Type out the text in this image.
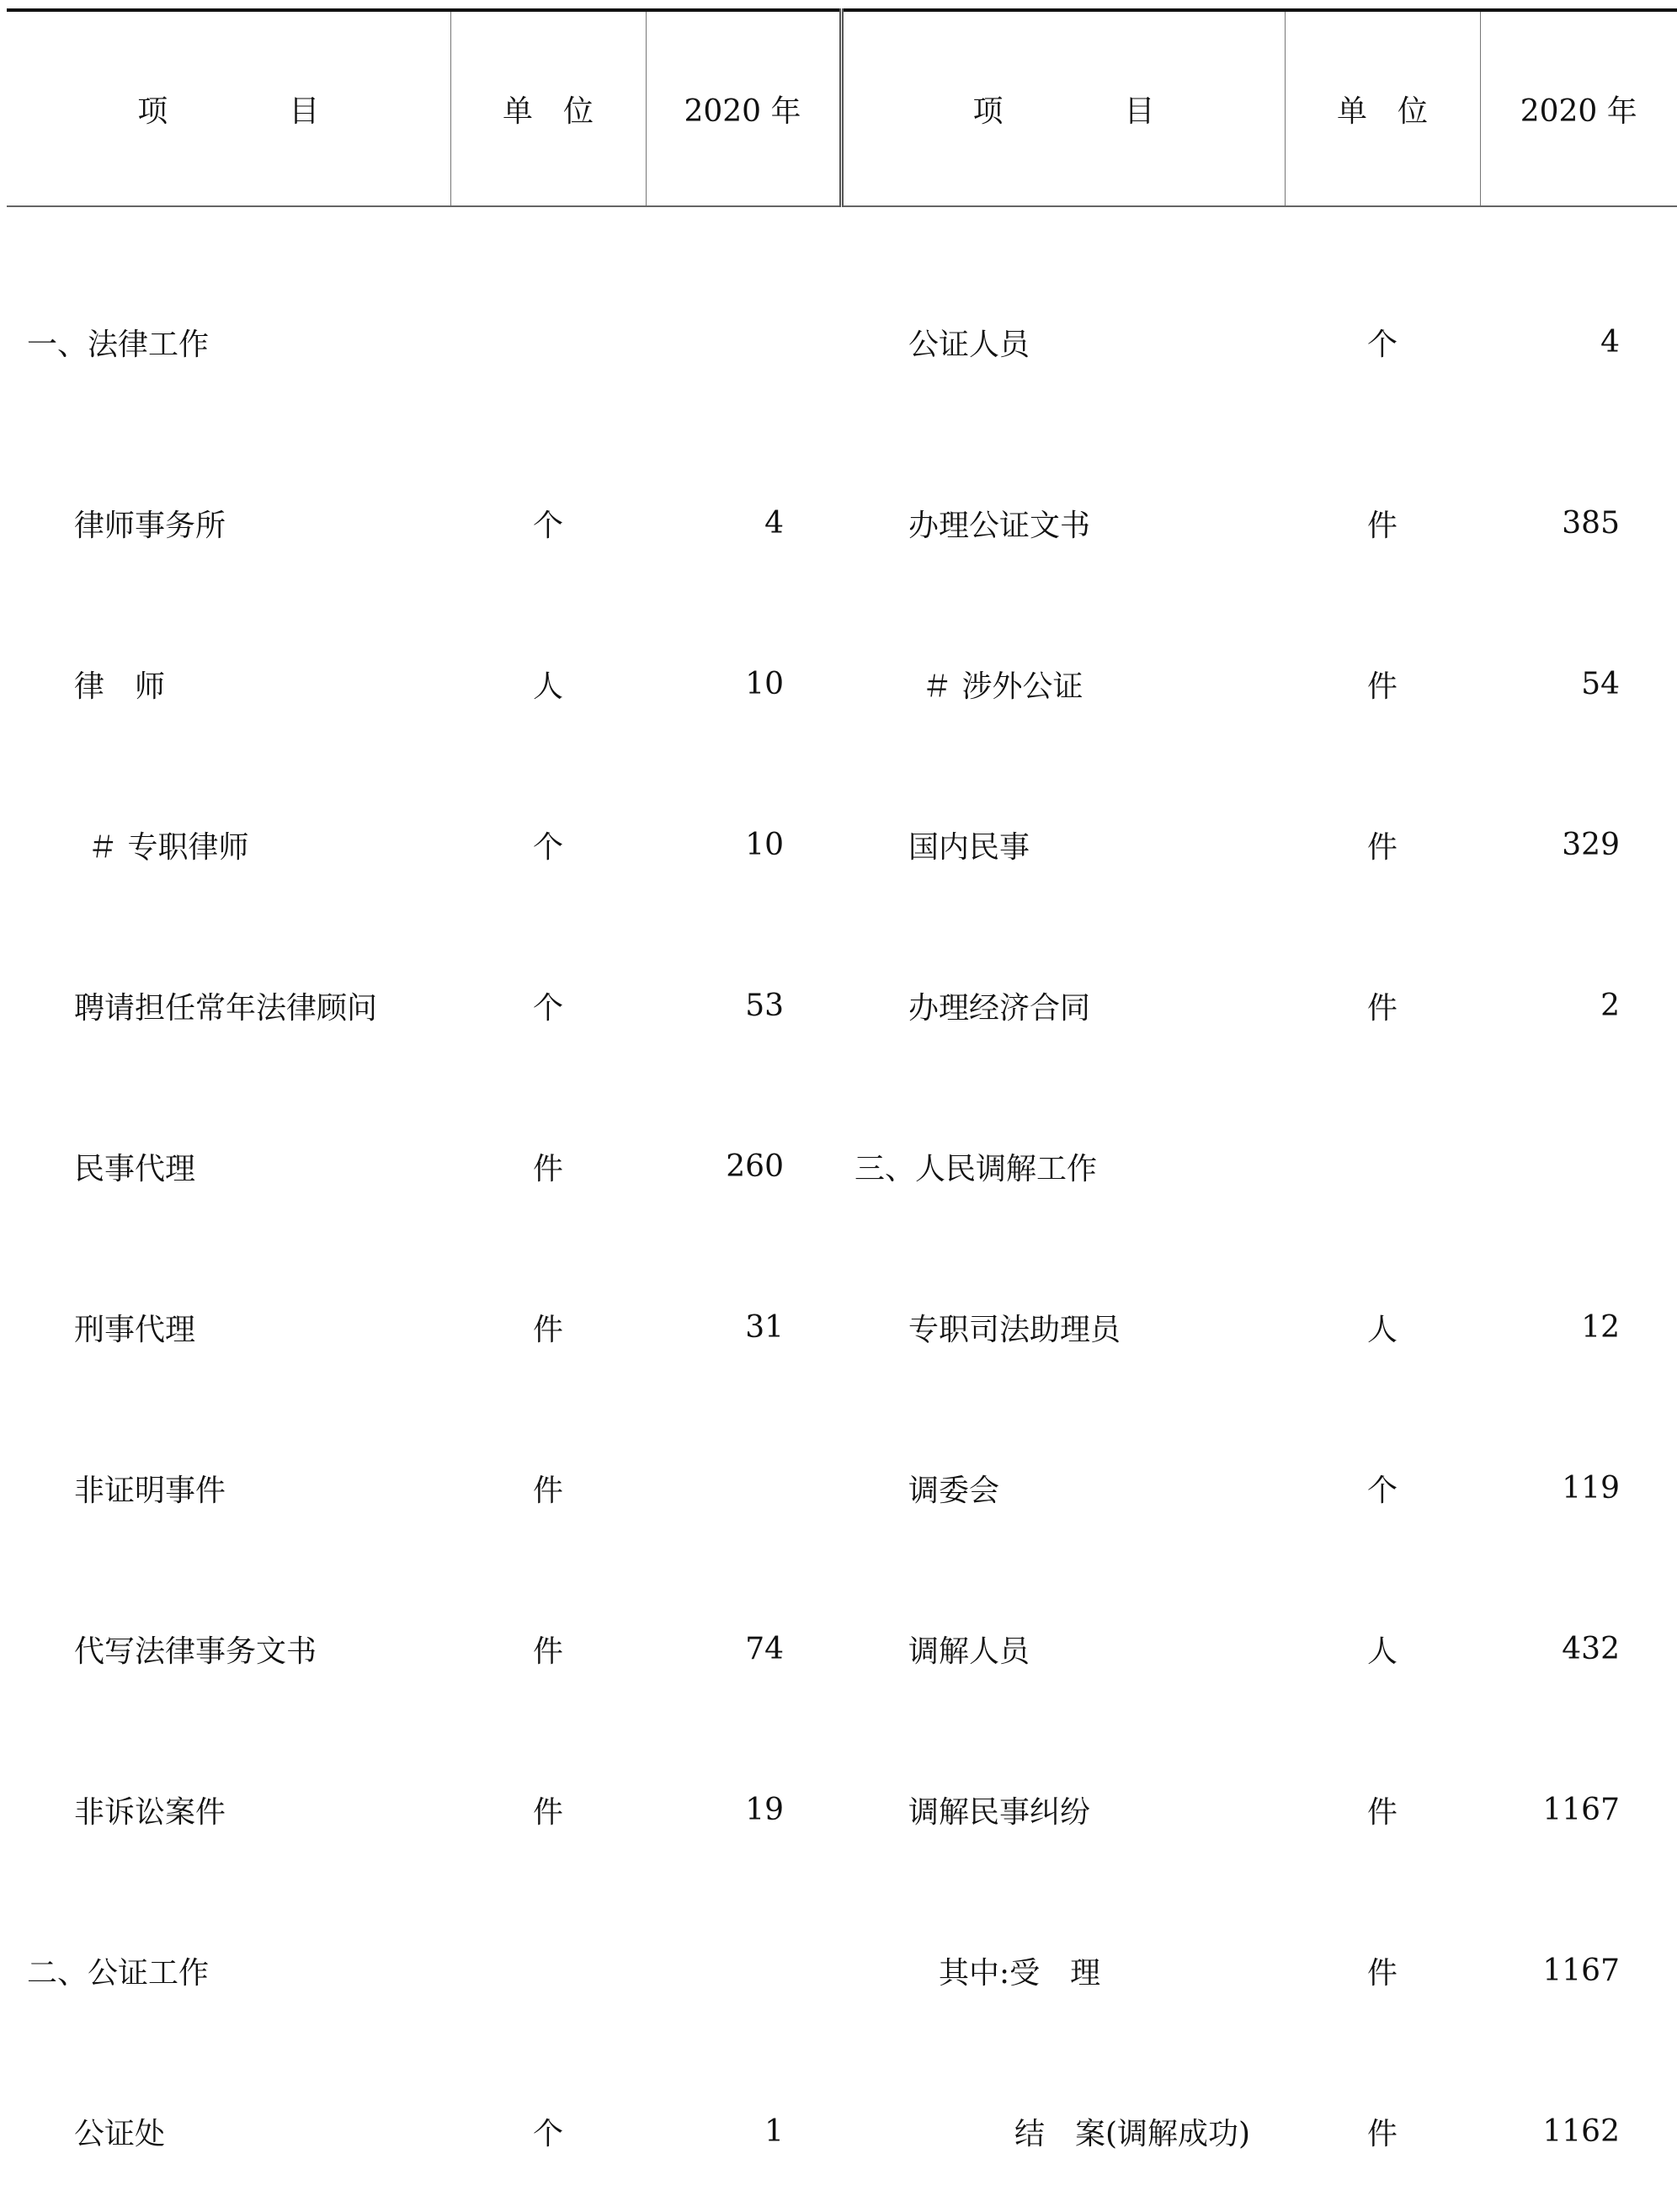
项　　　　目	单　位	2020 年	项　　　　目	单　位	2020 年
一、法律工作			公证人员	个	4
律师事务所	个	4	办理公证文书	件	385
律　师	人	10	＃ 涉外公证	件	54
＃ 专职律师	个	10	国内民事	件	329
聘请担任常年法律顾问	个	53	办理经济合同	件	2
民事代理	件	260	三、人民调解工作		
刑事代理	件	31	专职司法助理员	人	12
非证明事件	件		调委会	个	119
代写法律事务文书	件	74	调解人员	人	432
非诉讼案件	件	19	调解民事纠纷	件	1167
二、公证工作			其中:受　理	件	1167
公证处	个	1	结　案(调解成功)	件	1162
